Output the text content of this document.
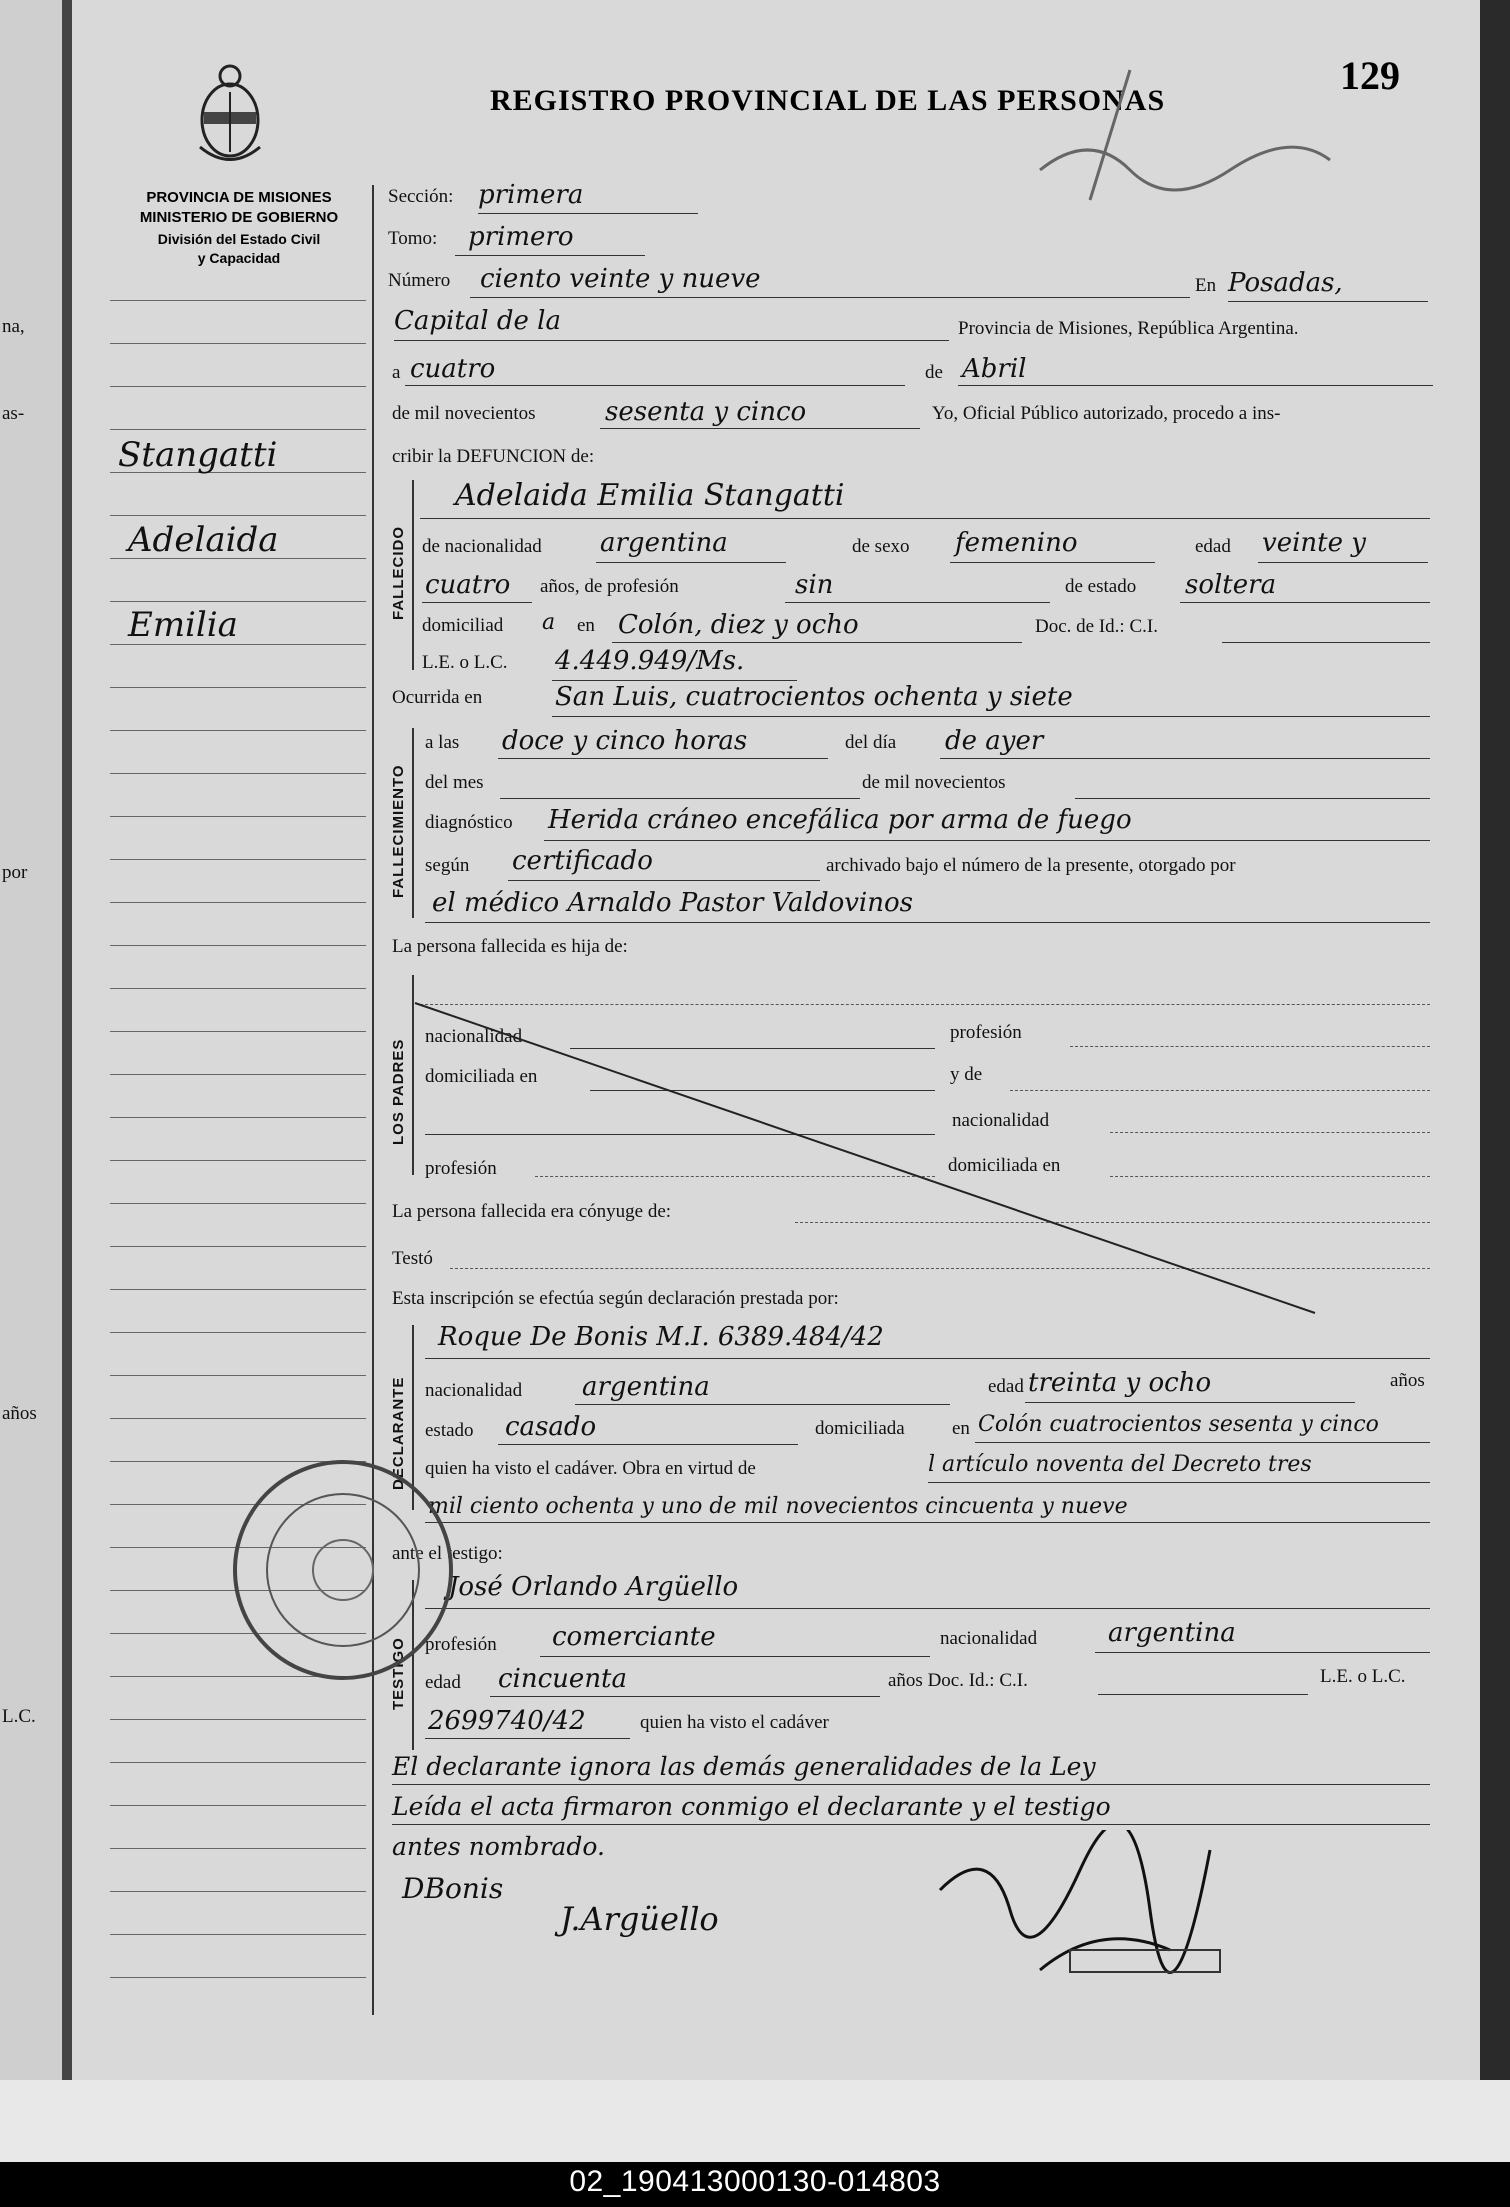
na,
as-
por
años
L.C.
REGISTRO PROVINCIAL DE LAS PERSONAS
129
PROVINCIA DE MISIONES
MINISTERIO DE GOBIERNO
División del Estado Civil
y Capacidad
Stangatti
Adelaida
Emilia
Sección: primera
Tomo: primero
Número ciento veinte y nueve	En Posadas,
Capital de la	Provincia de Misiones, República Argentina.
a cuatro	de Abril
de mil novecientos	sesenta y cinco	Yo, Oficial Público autorizado, procedo a ins-
cribir la DEFUNCION de:
FALLECIDO
Adelaida Emilia Stangatti
de nacionalidad argentina	de sexo femenino	edad veinte y
cuatro años, de profesión	sin	de estado soltera
domiciliad a en Colón, diez y ocho	Doc. de Id.: C.I.
L.E. o L.C. 4.449.949/Ms.
Ocurrida en	San Luis, cuatrocientos ochenta y siete
FALLECIMIENTO
a las doce y cinco horas	del día de ayer
del mes	de mil novecientos
diagnóstico Herida cráneo encefálica por arma de fuego
según certificado	archivado bajo el número de la presente, otorgado por
el médico Arnaldo Pastor Valdovinos
La persona fallecida es hija de:
LOS PADRES
nacionalidad	profesión
domiciliada en	y de
nacionalidad
profesión	domiciliada en
La persona fallecida era cónyuge de:
Testó
Esta inscripción se efectúa según declaración prestada por:
DECLARANTE
Roque De Bonis M.I. 6389.484/42
nacionalidad argentina	edad treinta y ocho	años
estado casado	domiciliada en Colón cuatrocientos sesenta y cinco
quien ha visto el cadáver. Obra en virtud de	l artículo noventa del Decreto tres
mil ciento ochenta y uno de mil novecientos cincuenta y nueve
ante el testigo:
TESTIGO
José Orlando Argüello
profesión comerciante	nacionalidad	argentina
edad cincuenta	años Doc. Id.: C.I.	L.E. o L.C.
2699740/42	quien ha visto el cadáver
El declarante ignora las demás generalidades de la Ley
Leída el acta firmaron conmigo el declarante y el testigo
antes nombrado.
DBonis
J.Argüello
02_190413000130-014803
